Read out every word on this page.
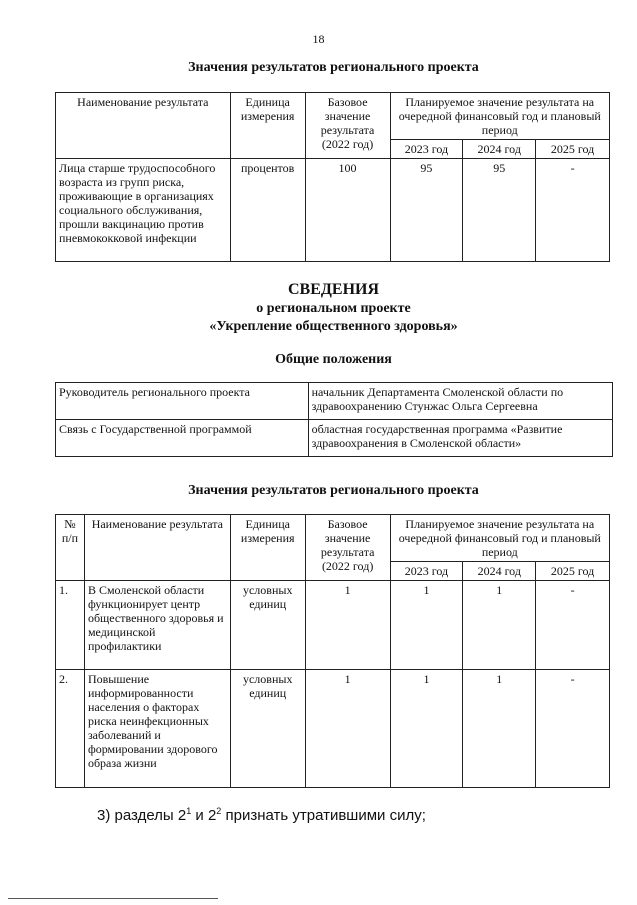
18
Значения результатов регионального проекта
Наименование результата	Единица измерения	Базовое значение результата (2022 год)	Планируемое значение результата на очередной финансовый год и плановый период		
			2023 год	2024 год	2025 год
Лица старше трудоспособного возраста из групп риска, проживающие в организациях социального обслуживания, прошли вакцинацию против пневмококковой инфекции	процентов	100	95	95	-
СВЕДЕНИЯ
о региональном проекте
«Укрепление общественного здоровья»
Общие положения
Руководитель регионального проекта	начальник Департамента Смоленской области по здравоохранению Стунжас Ольга Сергеевна
Связь с Государственной программой	областная государственная программа «Развитие здравоохранения в Смоленской области»
Значения результатов регионального проекта
№ п/п	Наименование результата	Единица измерения	Базовое значение результата (2022 год)	Планируемое значение результата на очередной финансовый год и плановый период		
				2023 год	2024 год	2025 год
1.	В Смоленской области функционирует центр общественного здоровья и медицинской профилактики	условных единиц	1	1	1	-
2.	Повышение информированности населения о факторах риска неинфекционных заболеваний и формировании здорового образа жизни	условных единиц	1	1	1	-
3) разделы $2^1$ и $2^2$ признать утратившими силу;
